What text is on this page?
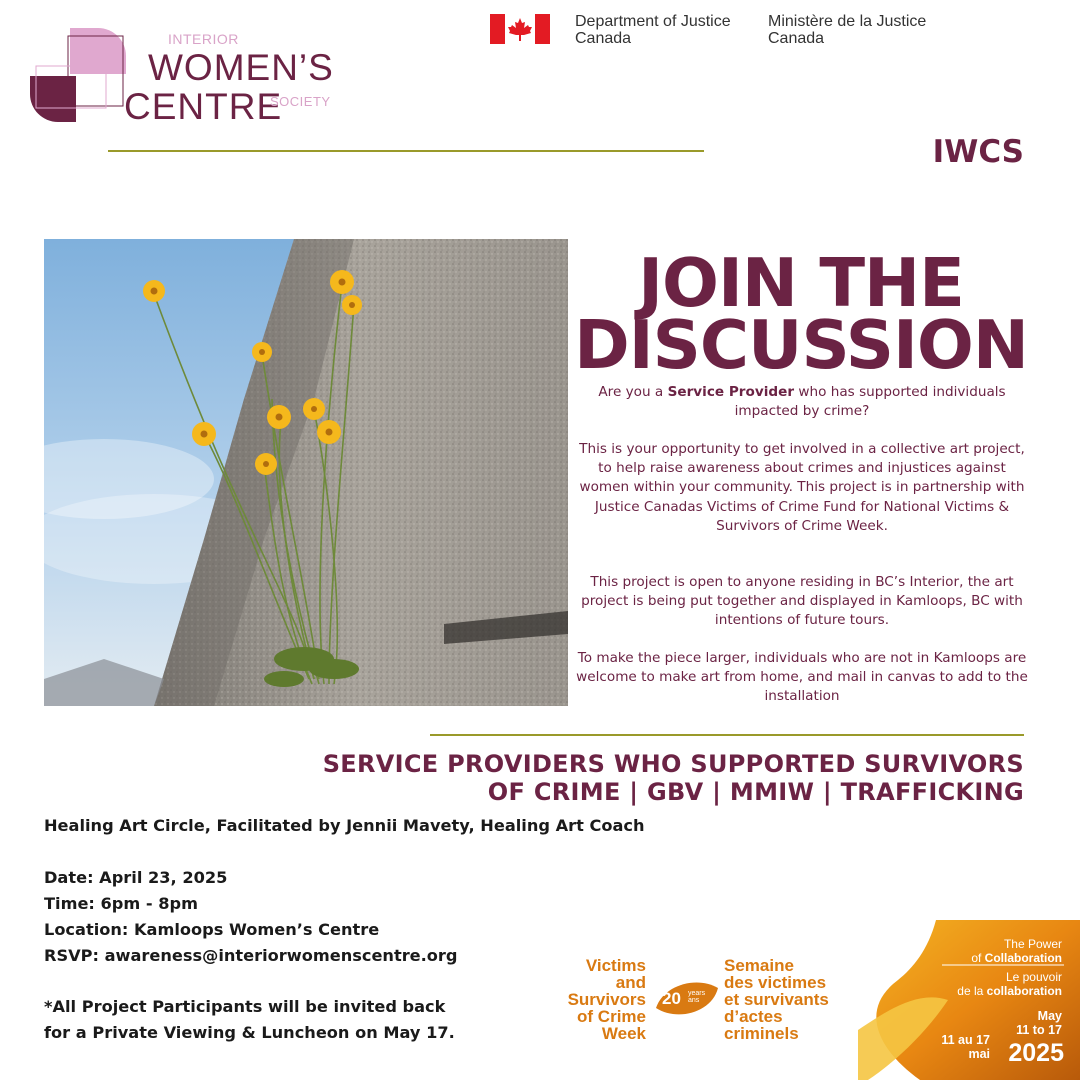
INTERIOR
WOMEN’S
CENTRE
SOCIETY
Department of Justice
Canada
Ministère de la Justice
Canada
IWCS
JOIN THE
DISCUSSION
Are you a Service Provider who has supported individuals impacted by crime?
This is your opportunity to get involved in a collective art project, to help raise awareness about crimes and injustices against women within your community. This project is in partnership with Justice Canadas Victims of Crime Fund for National Victims & Survivors of Crime Week.
This project is open to anyone residing in BC’s Interior, the art project is being put together and displayed in Kamloops, BC with intentions of future tours.
To make the piece larger, individuals who are not in Kamloops are welcome to make art from home, and mail in canvas to add to the installation
SERVICE PROVIDERS WHO SUPPORTED SURVIVORS
OF CRIME | GBV | MMIW | TRAFFICKING
Healing Art Circle, Facilitated by Jennii Mavety, Healing Art Coach
Date: April 23, 2025
Time: 6pm - 8pm
Location: Kamloops Women’s Centre
RSVP: awareness@interiorwomenscentre.org
*All Project Participants will be invited back
for a Private Viewing & Luncheon on May 17.
Victims
and
Survivors
of Crime
Week
20 years
ans
Semaine
des victimes
et survivants
d’actes
criminels
The Power
of Collaboration
Le pouvoir
de la collaboration
May
11 to 17
11 au 17
mai 2025
